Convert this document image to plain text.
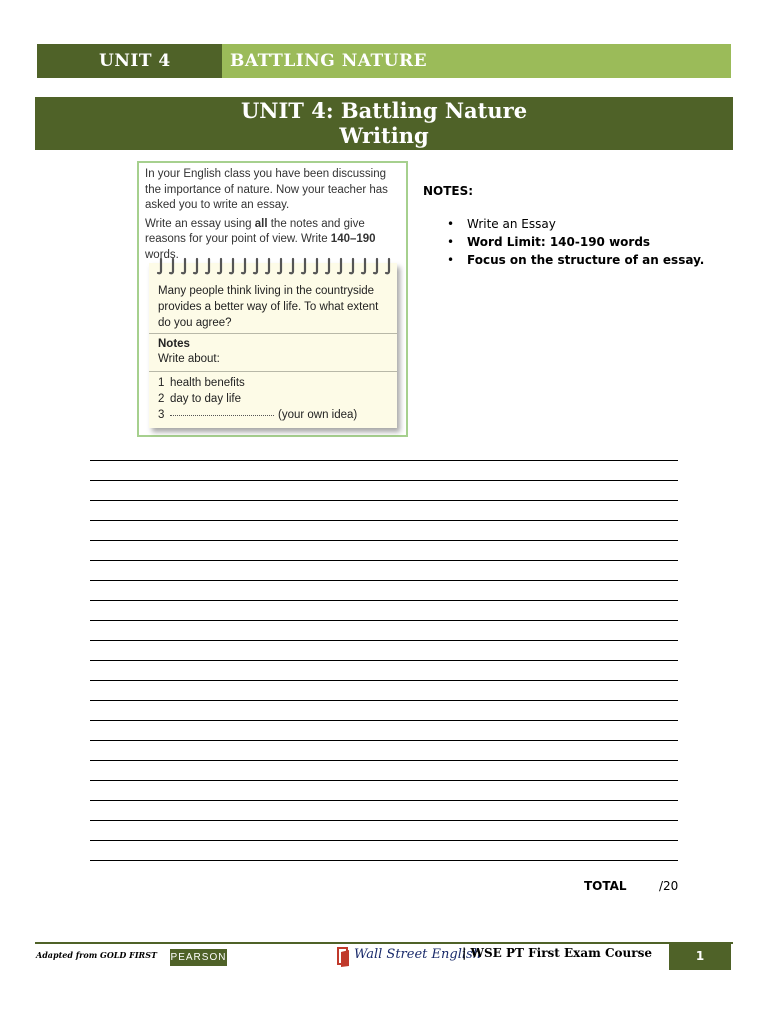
UNIT 4	BATTLING NATURE
UNIT 4: Battling Nature
Writing

In your English class you have been discussing the importance of nature. Now your teacher has asked you to write an essay.

Write an essay using all the notes and give reasons for your point of view. Write 140–190 words.

Many people think living in the countryside provides a better way of life. To what extent do you agree?
Notes
Write about:
1 health benefits
2 day to day life
3	(your own idea)
NOTES:
• Write an Essay
• Word Limit: 140-190 words
• Focus on the structure of an essay.
TOTAL	/20
Adapted from GOLD FIRST PEARSON	Wall Street English
| WSE PT First Exam Course	1
